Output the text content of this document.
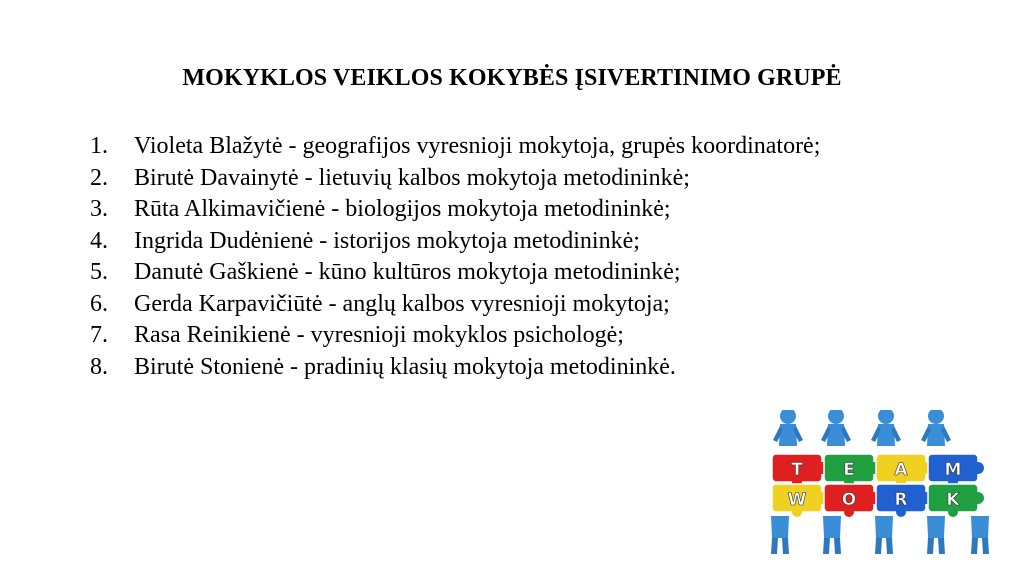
MOKYKLOS VEIKLOS KOKYBĖS ĮSIVERTINIMO GRUPĖ
1.	Violeta Blažytė - geografijos vyresnioji mokytoja, grupės koordinatorė;
2.	Birutė Davainytė - lietuvių kalbos mokytoja metodininkė;
3.	Rūta Alkimavičienė - biologijos mokytoja metodininkė;
4.	Ingrida Dudėnienė - istorijos mokytoja metodininkė;
5.	Danutė Gaškienė - kūno kultūros mokytoja metodininkė;
6.	Gerda Karpavičiūtė - anglų kalbos vyresnioji mokytoja;
7.	Rasa Reinikienė - vyresnioji mokyklos psichologė;
8.	Birutė Stonienė - pradinių klasių mokytoja metodininkė.
T E A M
W O R K
